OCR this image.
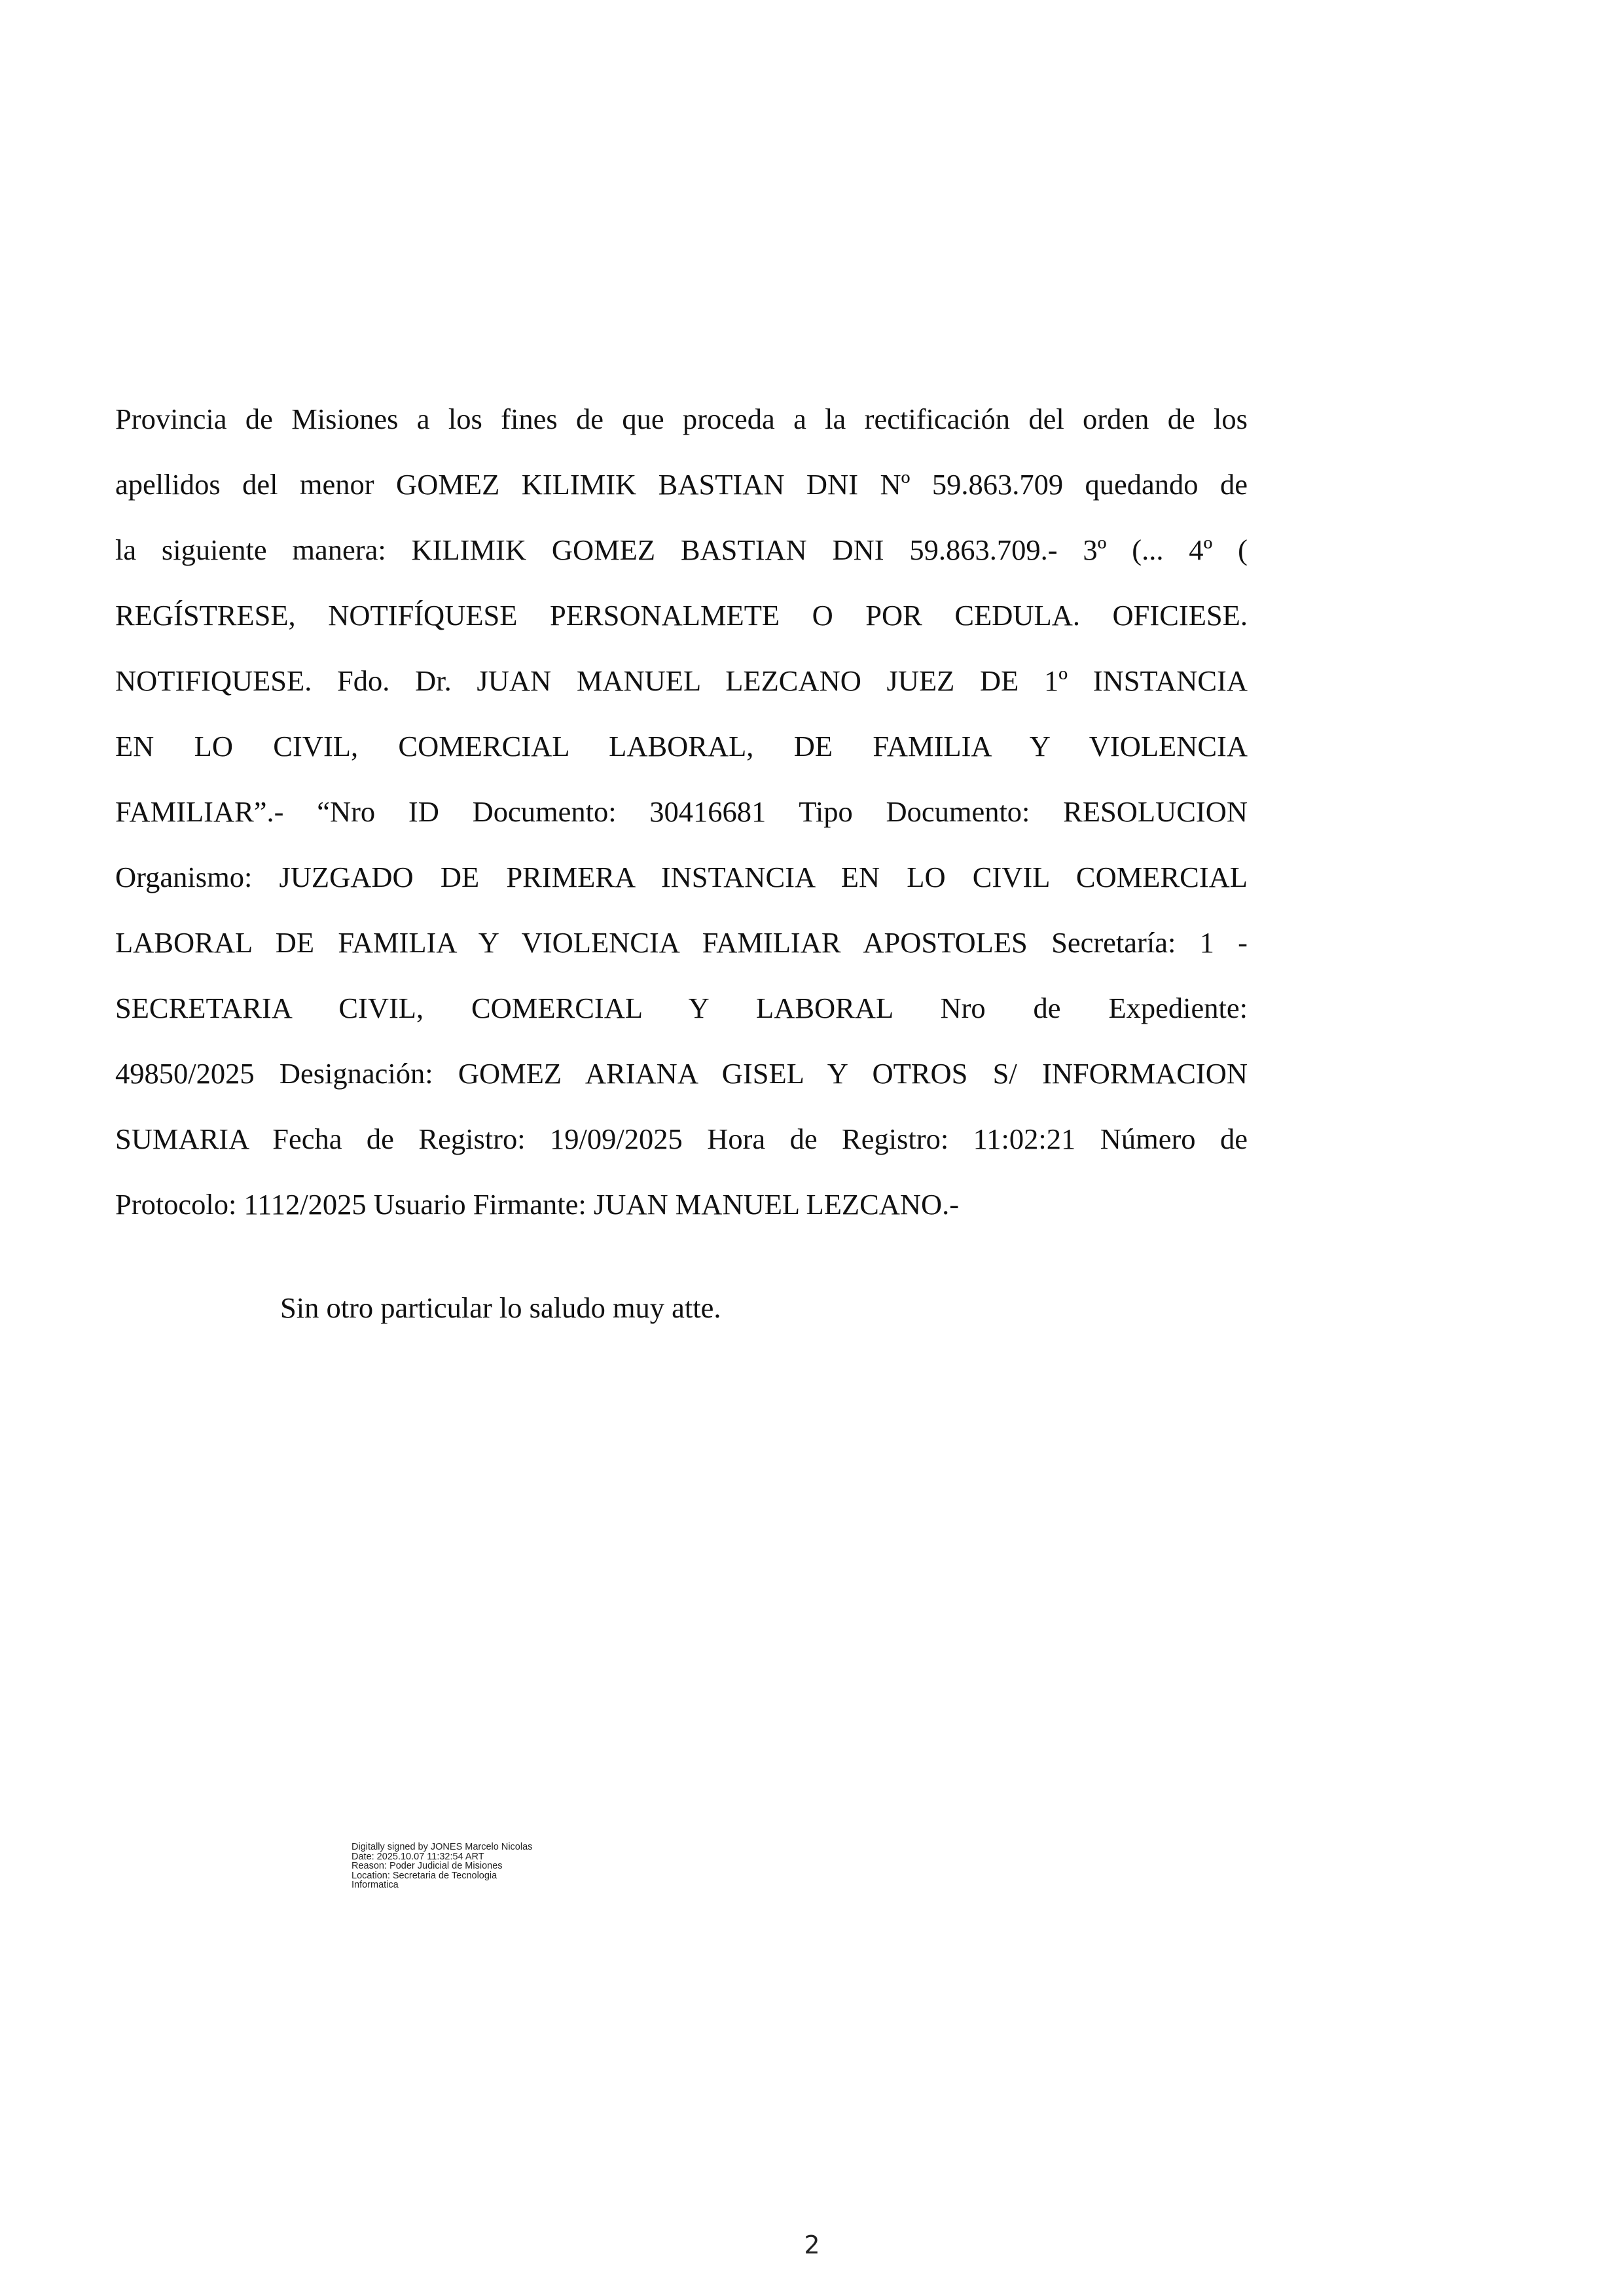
Provincia de Misiones a los fines de que proceda a la rectificación del orden de los
apellidos del menor GOMEZ KILIMIK BASTIAN DNI Nº 59.863.709 quedando de
la siguiente manera: KILIMIK GOMEZ BASTIAN DNI 59.863.709.- 3º (... 4º (
REGÍSTRESE, NOTIFÍQUESE PERSONALMETE O POR CEDULA. OFICIESE.
NOTIFIQUESE. Fdo. Dr. JUAN MANUEL LEZCANO JUEZ DE 1º INSTANCIA
EN LO CIVIL, COMERCIAL LABORAL, DE FAMILIA Y VIOLENCIA
FAMILIAR”.- “Nro ID Documento: 30416681 Tipo Documento: RESOLUCION
Organismo: JUZGADO DE PRIMERA INSTANCIA EN LO CIVIL COMERCIAL
LABORAL DE FAMILIA Y VIOLENCIA FAMILIAR APOSTOLES Secretaría: 1 -
SECRETARIA CIVIL, COMERCIAL Y LABORAL Nro de Expediente:
49850/2025 Designación: GOMEZ ARIANA GISEL Y OTROS S/ INFORMACION
SUMARIA Fecha de Registro: 19/09/2025 Hora de Registro: 11:02:21 Número de
Protocolo: 1112/2025 Usuario Firmante: JUAN MANUEL LEZCANO.-

Sin otro particular lo saludo muy atte.

Digitally signed by JONES Marcelo Nicolas
Date: 2025.10.07 11:32:54 ART
Reason: Poder Judicial de Misiones
Location: Secretaria de Tecnologia
Informatica
2
